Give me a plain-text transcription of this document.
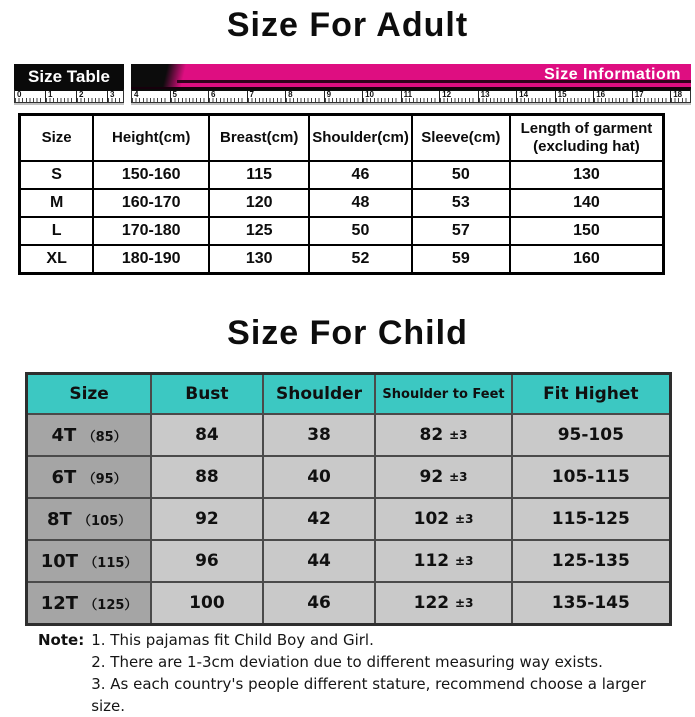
Size For Adult
Size Table	Size Informatiom
0	1	2	3 4	5	6	7	8	9	10	11	12	13	14	15	16	17	18
Size	Height(cm)	Breast(cm)	Shoulder(cm)	Sleeve(cm)	Length of garment (excluding hat)
S	150-160	115	46	50	130
M	160-170	120	48	53	140
L	170-180	125	50	57	150
XL	180-190	130	52	59	160
Size For Child
Size	Bust	Shoulder	Shoulder to Feet	Fit Highet
4T （85）	84	38	82 ±3	95-105
6T （95）	88	40	92 ±3	105-115
8T （105）	92	42	102 ±3	115-125
10T （115）	96	44	112 ±3	125-135
12T （125）	100	46	122 ±3	135-145
Note: 1. This pajamas fit Child Boy and Girl.
2. There are 1-3cm deviation due to different measuring way exists.
3. As each country's people different stature, recommend choose a larger size.
